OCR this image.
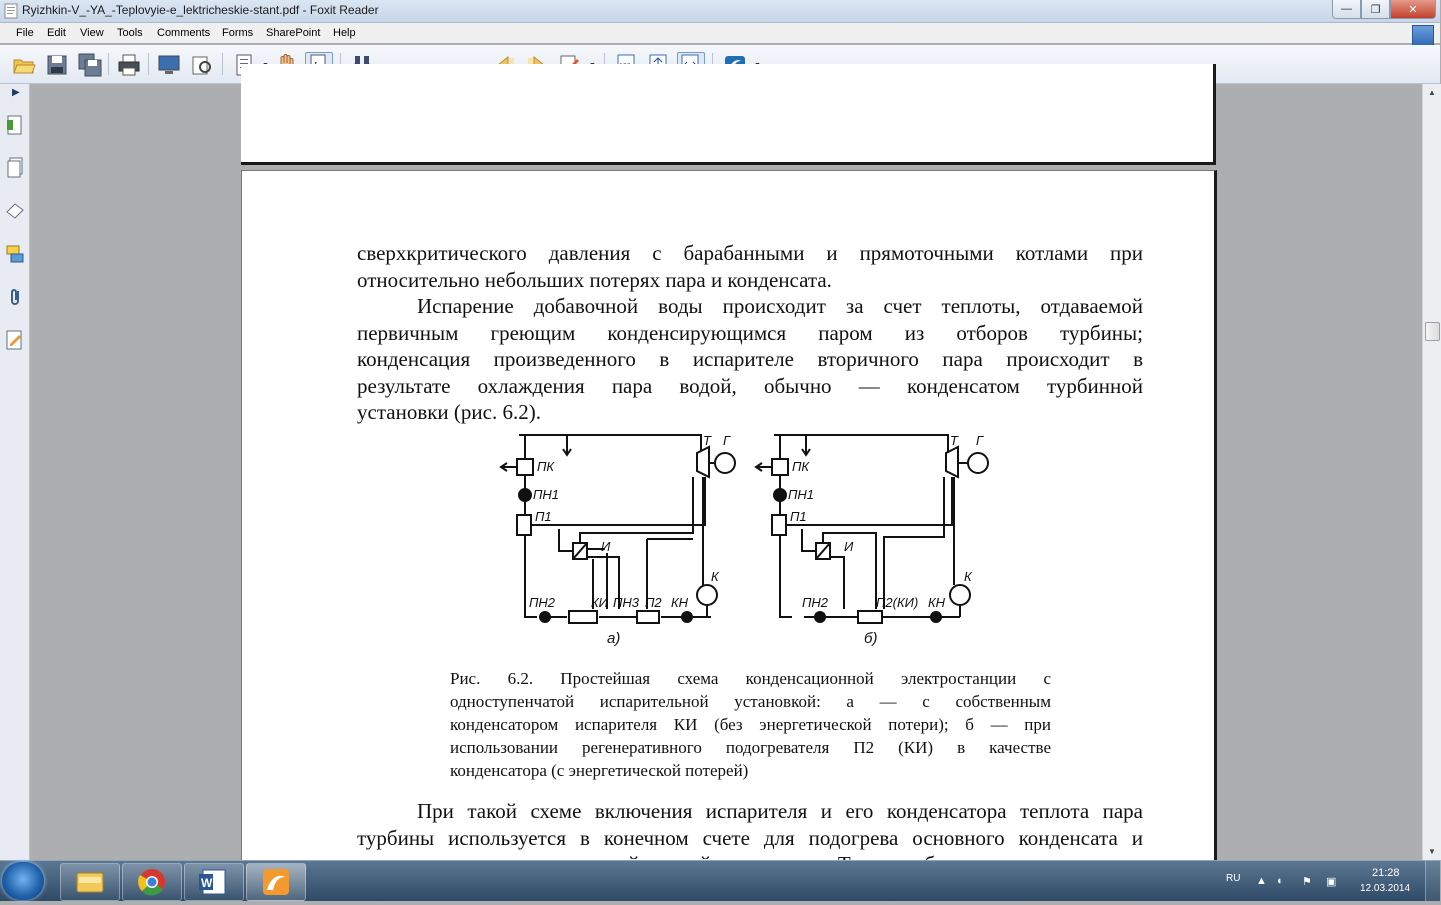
Ryizhkin-V_-YA_-Teplovyie-e_lektricheskie-stant.pdf - Foxit Reader	—	❐	✕
File Edit View Tools Comments Forms SharePoint Help
▶
сверхкритического давления с барабанными и прямоточными котлами при
относительно небольших потерях пара и конденсата.
Испарение добавочной воды происходит за счет теплоты, отдаваемой
первичным греющим конденсирующимся паром из отборов турбины;
конденсация произведенного в испарителе вторичного пара происходит в
результате охлаждения пара водой, обычно — конденсатом турбинной
установки (рис. 6.2).
Т Г
ПК
ПН1
П1
И
К
ПН2	КИ ПН3 П2 КН
а)
Т Г
ПК
ПН1
П1
И
К
ПН2	П2(КИ) КН
б)
Рис. 6.2. Простейшая схема конденсационной электростанции с
одноступенчатой испарительной установкой: а — с собственным
конденсатором испарителя КИ (без энергетической потери); б — при
использовании регенеративного подогревателя П2 (КИ) в качестве
конденсатора (с энергетической потерей)
При такой схеме включения испарителя и его конденсатора теплота пара
турбины используется в конечном счете для подогрева основного конденсата и
▲
▼
W	RU ▲ ◐	⚑ ▣
21:28
12.03.2014
